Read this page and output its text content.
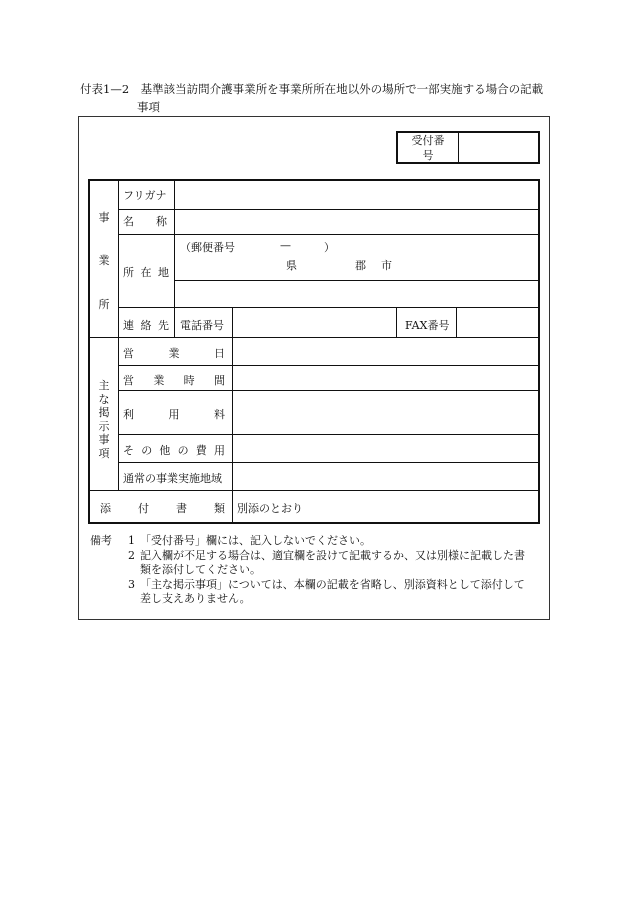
付表1—2　基準該当訪問介護事業所を事業所所在地以外の場所で一部実施する場合の記載
事項
受付番
号
事
業
所
フリガナ
名 称
所 在 地
（郵便番号	—	）
県	郡 市
連 絡 先 電話番号	FAX番号
主
な
掲
示
事
項
営	業	日
営 業 時 間
利	用	料
そ の 他 の 費 用
通常の事業実施地域
添 付 書 類 別添のとおり
備考	1 「受付番号」欄には、記入しないでください。
2 記入欄が不足する場合は、適宜欄を設けて記載するか、又は別様に記載した書類を添付してください。
3 「主な掲示事項」については、本欄の記載を省略し、別添資料として添付して差し支えありません。
